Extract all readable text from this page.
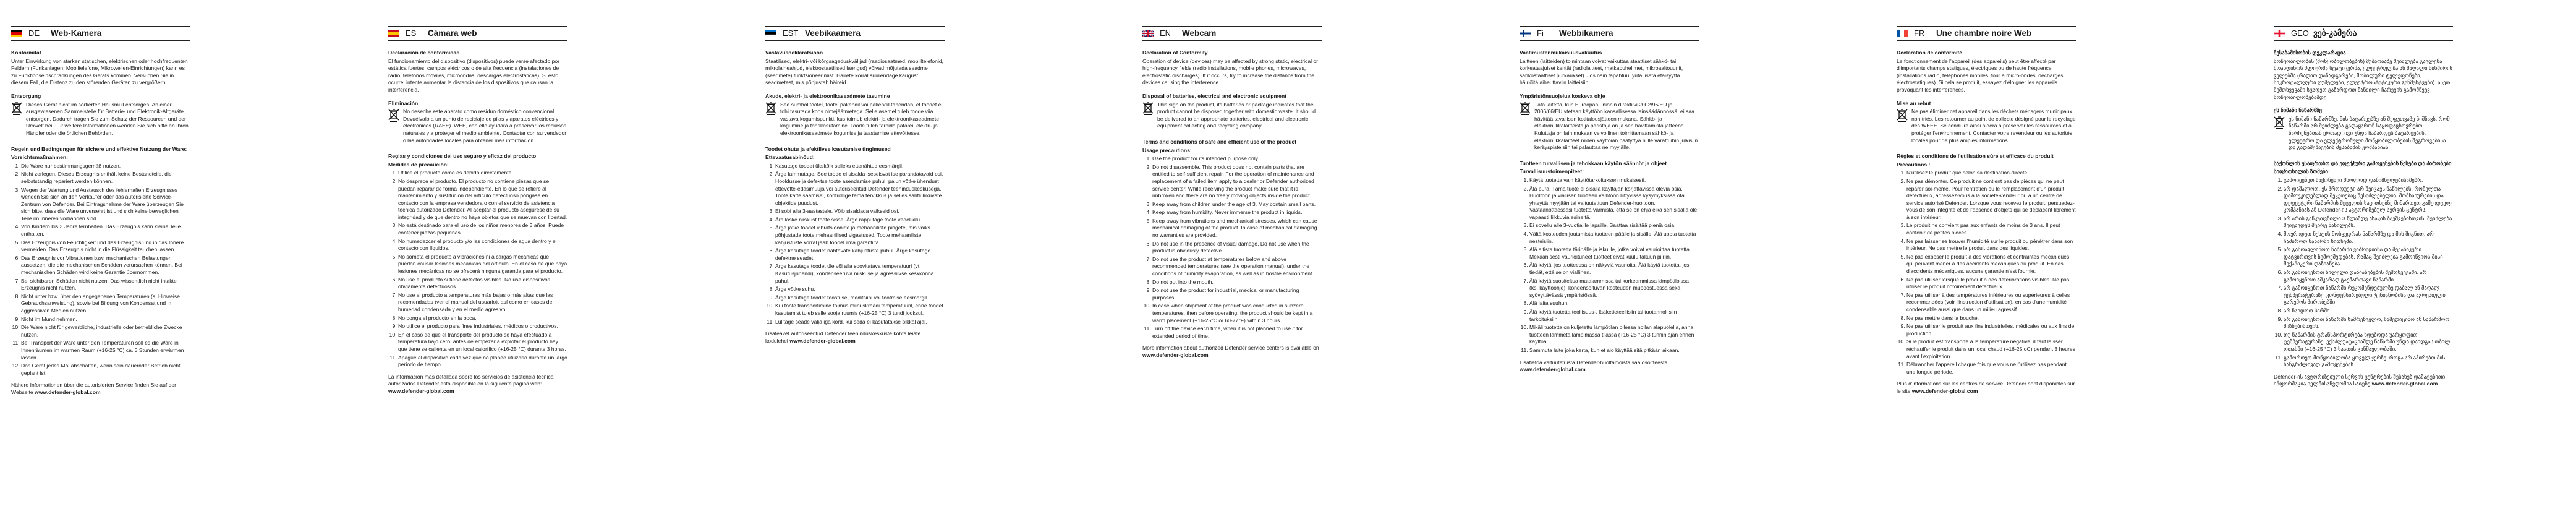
DE	Web-Kamera
Konformität

Unter Einwirkung von starken statischen, elektrischen oder hochfrequenten Feldern (Funkanlagen, Mobiltelefone, Mikrowellen-Einrichtungen) kann es zu Funktionseinschränkungen des Geräts kommen. Versuchen Sie in diesem Fall, die Distanz zu den störenden Geräten zu vergrößern.

Entsorgung

Dieses Gerät nicht im sortierten Hausmüll entsorgen. An einer ausgewiesenen Sammelstelle für Batterie- und Elektronik-Altgeräte entsorgen. Dadurch tragen Sie zum Schutz der Ressourcen und der Umwelt bei. Für weitere Informationen wenden Sie sich bitte an Ihren Händler oder die örtlichen Behörden.

Regeln und Bedingungen für sichere und effektive Nutzung der Ware:
Vorsichtsmaßnahmen:
1. Die Ware nur bestimmungsgemäß nutzen.
2. Nicht zerlegen. Dieses Erzeugnis enthält keine Bestandteile, die selbstständig repariert werden können.
3. Wegen der Wartung und Austausch des fehlerhaften Erzeugnisses wenden Sie sich an den Verkäufer oder das autorisierte Service-Zentrum von Defender. Bei Eintragsnahme der Ware überzeugen Sie sich bitte, dass die Ware unversehrt ist und sich keine beweglichen Teile im Inneren vorhanden sind.
4. Von Kindern bis 3 Jahre fernhalten. Das Erzeugnis kann kleine Teile enthalten.
5. Das Erzeugnis von Feuchtigkeit und das Erzeugnis und in das Innere vermeiden. Das Erzeugnis nicht in die Flüssigkeit tauchen lassen.
6. Das Erzeugnis vor Vibrationen bzw. mechanischen Belastungen aussetzen, die die mechanischen Schäden verursachen können. Bei mechanischen Schäden wird keine Garantie übernommen.
7. Bei sichtbaren Schäden nicht nutzen. Das wissentlich nicht intakte Erzeugnis nicht nutzen.
8. Nicht unter bzw. über den angegebenen Temperaturen (s. Hinweise Gebrauchsanweisung), sowie bei Bildung von Kondensat und in aggressiven Medien nutzen.
9. Nicht im Mund nehmen.
10. Die Ware nicht für gewerbliche, industrielle oder betriebliche Zwecke nutzen.
11. Bei Transport der Ware unter den Temperaturen soll es die Ware in Innenräumen im warmen Raum (+16-25 °C) ca. 3 Stunden erwärmen lassen.
12. Das Gerät jedes Mal abschalten, wenn sein dauernder Betrieb nicht geplant ist.

Nähere Informationen über die autorisierten Service finden Sie auf der Webseite www.defender-global.com

ES	Cámara web
Declaración de conformidad

El funcionamiento del dispositivo (dispositivos) puede verse afectado por estática fuertes, campos eléctricos o de alta frecuencia (instalaciones de radio, teléfonos móviles, microondas, descargas electrostáticas). Si esto ocurre, intente aumentar la distancia de los dispositivos que causan la interferencia.

Eliminación

No deseche este aparato como residuo doméstico convencional. Devuélvalo a un punto de reciclaje de pilas y aparatos eléctricos y electrónicos (RAEE). WEE, con ello ayudará a preservar los recursos naturales y a proteger el medio ambiente. Contactar con su vendedor o las autoridades locales para obtener más información.

Reglas y condiciones del uso seguro y eficaz del producto
Medidas de precaución:
1. Utilice el producto como es debido directamente.
2. No desprece el producto. El producto no contiene piezas que se puedan reparar de forma independiente. En lo que se refiere al mantenimiento y sustitución del artículo defectuoso póngase en contacto con la empresa vendedora o con el servicio de asistencia técnica autorizado Defender. Al aceptar el producto asegúrese de su integridad y de que dentro no haya objetos que se muevan con libertad.
3. No está destinado para el uso de los niños menores de 3 años. Puede contener piezas pequeñas.
4. No humedezcer el producto y/o las condiciones de agua dentro y el contacto con líquidos.
5. No someta el producto a vibraciones ni a cargas mecánicas que puedan causar lesiones mecánicas del artículo. En el caso de que haya lesiones mecánicas no se ofrecerá ninguna garantía para el producto.
6. No use el producto si tiene defectos visibles. No use dispositivos obviamente defectuosos.
7. No use el producto a temperaturas más bajas o más altas que las recomendadas (ver el manual del usuario), así como en casos de humedad condensada y en el medio agresivo.
8. No ponga el producto en la boca.
9. No utilice el producto para fines industriales, médicos o productivos.
10. En el caso de que el transporte del producto se haya efectuado a temperatura bajo cero, antes de empezar a explotar el producto hay que tiene se calienta en un local calorífico (+16-25 °C) durante 3 horas.
11. Apague el dispositivo cada vez que no planee utilizarlo durante un largo periodo de tiempo.

La información más detallada sobre los servicios de asistencia técnica autorizados Defender está disponible en la siguiente página web: www.defender-global.com

EST Veebikaamera
Vastavusdeklaratsioon

Staatilised, elektri- või kõrgsageduskvälijad (raadiosaatmed, mobiiltelefonid, mikrolaineahjud, elektrostaatilised laengud) võivad mõjutada seadme (seadmete) funktsioneerimist. Häirete korral suurendage kaugust seadmetest, mis põhjustab häireid.

Akude, elektri- ja elektroonikaseadmete tasumine

See sümbol tootel, tootel pakendil või pakendil tähendab, et toodet ei tohi tasutada koos olmejäätmetega. Selle asemel tuleb toode viia vastava kogumispunkti, kus toimub elektri- ja elektroonikaseadmete kogumine ja taaskasutamine. Toode tuleb tarnida patarei, elektri- ja elektroonikaseadmete kogumise ja taastamise ettevõttesse.

Toodet ohutu ja efektiivse kasutamise tingimused
Ettevaatusabinõud:
1. Kasutage toodet ükskõik selleks ettenähtud eesmärgil.
2. Ärge lammutage. See toode ei sisalda iseseisvat ise parandatavaid osi. Hooldusse ja defektse toote asendamise puhul, palun võtke ühendust ettevõtte-edasimüüja või autoriseeritud Defender teeninduskeskusega. Toote kätte saamisel, kontrollige tema tervikkus ja selles sahtli liikuvate objektide puudust.
3. Ei sobi alla 3-aastastele. Võib sisaldada väikseid osi.
4. Ära laske niiskust toote sisse. Ärge rapputage toote vedelikku.
5. Ärge jätke toodet vibratsioonide ja mehaaniliste pingete, mis võiks põhjustada toote mehaanilised vigastused. Toote mehaaniliste kahjustuste korral jääb toodel ilma garantiita.
6. Ärge kasutage toodet nähtavate kahjustuste puhul. Ärge kasutage defektne seadet.
7. Ärge kasutage toodet üle või alla soovitatava temperatuuri (vt. Kasutusjuhendi), kondenseeruva niiskuse ja agressiivse keskkonna puhul.
8. Ärge võtke suhu.
9. Ärge kasutage toodet tööstuse, meditsiini või tootmise eesmärgil.
10. Kui toote transportimine toimus miinuskraadi temperatuuril, enne toodet kasutamist tuleb selle sooja ruumis (+16-25 °C) 3 tundi jooksul.
11. Lülitage seade välja iga kord, kui seda ei kasutatakse pikkal ajal.

Lisateavet autoriseeritud Defender teeninduskeskuste kohta leiate kodulehel www.defender-global.com

EN	Webcam
Declaration of Conformity

Operation of device (devices) may be affected by strong static, electrical or high-frequency fields (radio installations, mobile phones, microwaves, electrostatic discharges). If it occurs, try to increase the distance from the devices causing the interference.

Disposal of batteries, electrical and electronic equipment

This sign on the product, its batteries or package indicates that the product cannot be disposed together with domestic waste. It should be delivered to an appropriate batteries, electrical and electronic equipment collecting and recycling company.

Terms and conditions of safe and efficient use of the product
Usage precautions:
1. Use the product for its intended purpose only.
2. Do not disassemble. This product does not contain parts that are entitled to self-sufficient repair. For the operation of maintenance and replacement of a failed item apply to a dealer or Defender authorized service center. While receiving the product make sure that it is unbroken and there are no freely moving objects inside the product.
3. Keep away from children under the age of 3. May contain small parts.
4. Keep away from humidity. Never immerse the product in liquids.
5. Keep away from vibrations and mechanical stresses, which can cause mechanical damaging of the product. In case of mechanical damaging no warranties are provided.
6. Do not use in the presence of visual damage. Do not use when the product is obviously defective.
7. Do not use the product at temperatures below and above recommended temperatures (see the operation manual), under the conditions of humidity evaporation, as well as in hostile environment.
8. Do not put into the mouth.
9. Do not use the product for industrial, medical or manufacturing purposes.
10. In case when shipment of the product was conducted in subzero temperatures, then before operating, the product should be kept in a warm placement (+16-25°C or 60-77°F) within 3 hours.
11. Turn off the device each time, when it is not planned to use it for extended period of time.

More information about authorized Defender service centers is available on www.defender-global.com

Fi	Webbikamera
Vaatimustenmukaisuusvakuutus

Laitteen (laitteiden) toimintaan voivat vaikuttaa staattiset sähkö- tai korkeataajuiset kentät (radiolaitteet, matkapuhelimet, mikroaaltouunit, sähköstaattiset purkaukset). Jos näin tapahtuu, yritä lisätä etäisyyttä häiriöitä aiheuttaviin laitteisiin.

Ympäristönsuojelua koskeva ohje

Tätä laitetta, kun Euroopan unionin direktiivi 2002/96/EU ja 2006/66/EU vtetaan käyttöön kansallisessa lainsäädännössä, ei saa hävittää tavallisen kotitalousjätteen mukana. Sähkö- ja elektroniikkalaitteista ja paristoja on ja sen hävittämistä jätteenä. Kuluttaja on lain mukaan velvollinen toimittamaan sähkö- ja elektroniikkalaitteet niiden käyttöiän päätyttyä niille varattuihin julkisiin keräyspisteisiin tai palauttaa ne myyjälle.

Tuotteen turvallisen ja tehokkaan käytön säännöt ja ohjeet
Turvallisuustoimenpiteet:
1. Käytä tuotetta vain käyttötarkoituksen mukaisesti.
2. Älä pura. Tämä tuote ei sisällä käyttäjän korjattavissa olevia osia. Huoltoon ja viallisen tuotteen vaihtoon liittyvissä kysymyksissä ota yhteyttä myyjään tai valtuutettuun Defender-huoltoon. Vastaanottaessasi tuotetta varmista, että se on ehjä eikä sen sisällä ole vapaasti liikkuvia esineitä.
3. Ei sovellu alle 3-vuotiaille lapsille. Saattaa sisältää pieniä osia.
4. Vältä kosteuden joutumista tuotteen päälle ja sisälle. Älä upota tuotetta nesteisiin.
5. Älä altista tuotetta tärinälle ja iskuille, jotka voivat vaurioittaa tuotetta. Mekaanisesti vaurioituneet tuotteet eivät kuulu takuun piiriin.
6. Älä käytä, jos tuotteessa on näkyviä vaurioita. Älä käytä tuotetta, jos tiedät, että se on viallinen.
7. Älä käytä suositeltua matalammissa tai korkeammissa lämpötiloissa (ks. käyttöohje), kondensoituvan kosteuden muodostuessa sekä syövyttävässä ympäristössä.
8. Älä laita suuhun.
9. Älä käytä tuotetta teollisuus-, lääketieteellisiin tai tuotannollisiin tarkoituksiin.
10. Mikäli tuotetta on kuljetettu lämpötilan ollessa nollan alapuolella, anna tuotteen lämmetä lämpimässä tilassa (+16-25 °C) 3 tunnin ajan ennen käyttöä.
11. Sammuta laite joka kerta, kun et aio käyttää sitä pitkään aikaan.

Lisätietoa valtuutetuista Defender-huoltamoista saa osoitteesta www.defender-global.com

FR	Une chambre noire Web
Déclaration de conformité

Le fonctionnement de l'appareil (des appareils) peut être affecté par d'importants champs statiques, électriques ou de haute fréquence (installations radio, téléphones mobiles, four à micro-ondes, décharges électrostatiques). Si cela se produit, essayez d'éloigner les appareils provoquant les interférences.

Mise au rebut

Ne pas éliminer cet appareil dans les déchets ménagers municipaux non triés. Les retourner au point de collecte désigné pour le recyclage des WEEE. Se conduire ainsi aidera à préserver les ressources et à protéger l'environnement. Contacter votre revendeur ou les autorités locales pour de plus amples informations.

Règles et conditions de l'utilisation sûre et efficace du produit
Précautions :
1. N'utilisez le produit que selon sa destination directe.
2. Ne pas démonter. Ce produit ne contient pas de pièces qui ne peut réparer soi-même. Pour l'entretien ou le remplacement d'un produit défectueux, adressez-vous à la société-vendeur ou à un centre de service autorisé Defender. Lorsque vous recevez le produit, persuadez-vous de son intégrité et de l'absence d'objets qui se déplacent librement à son intérieur.
3. Le produit ne convient pas aux enfants de moins de 3 ans. Il peut contenir de petites pièces.
4. Ne pas laisser se trouver l'humidité sur le produit ou pénétrer dans son intérieur. Ne pas mettre le produit dans des liquides.
5. Ne pas exposer le produit à des vibrations et contraintes mécaniques qui peuvent mener à des accidents mécaniques du produit. En cas d'accidents mécaniques, aucune garantie n'est fournie.
6. Ne pas utiliser lorsque le produit a des détériorations visibles. Ne pas utiliser le produit notoirement défectueux.
7. Ne pas utiliser à des températures inférieures ou supérieures à celles recommandées (voir l'instruction d'utilisation), en cas d'une humidité condensable aussi que dans un milieu agressif.
8. Ne pas mettre dans la bouche.
9. Ne pas utiliser le produit aux fins industrielles, médicales ou aux fins de production.
10. Si le produit est transporté à la température négative, il faut laisser réchauffer le produit dans un local chaud (+16-25 oC) pendant 3 heures avant l'exploitation.
11. Débrancher l'appareil chaque fois que vous ne l'utilisez pas pendant une longue période.

Plus d'informations sur les centres de service Defender sont disponibles sur le site www.defender-global.com

GEO ვებ-კამერა
შესაბამისობის დეკლარაცია

მოწყობილობის (მოწყობილობების) მუშაობაზე შეიძლება გავლენა მოახდინოს ძლიერმა სტატიკურმა, ელექტრულმა ან მაღალი სიხშირის ველებმა (რადიო დანადგარები, მობილური ტელეფონები, მიკროტალღური ღუმელები, ელექტროსტატიკური განმუხტვები). ასეთ შემთხვევაში სცადეთ გაზარდოთ მანძილი ჩარევის გამომწვევ მოწყობილობებამდე.

ეს ნიშანი ნაწარმზე

ეს ნიშანი ნაწარმზე, მის ბატარეებზე ან შეფუთვაზე ნიშნავს, რომ ნაწარმი არ შეიძლება გადაყარონ საყოფაცხოვრებო ნარჩენებთან ერთად. იგი უნდა ჩაბარდეს ბატარეების, ელექტრო და ელექტრონული მოწყობილობების შეგროვებისა და გადამუშავების შესაბამის კომპანიას.

საქონლის უსაფრთხო და ეფექტური გამოყენების წესები და პირობები
სიფრთხილის ზომები:
1. გამოიყენეთ საქონელი მხოლოდ დანიშნულებისამებრ.
2. არ დაშალოთ. ეს პროდუქტი არ შეიცავს ნაწილებს, რომელთა დამოუკიდებლად შეკეთებაც შესაძლებელია. მომსახურების და დეფექტური ნაწარმის შეცვლის საკითხებზე მიმართეთ გამყიდველ კომპანიას ან Defender-ის ავტორიზებულ სერვის ცენტრს.
3. არ არის განკუთვნილი 3 წლამდე ასაკის ბავშვებისთვის. შეიძლება შეიცავდეს მცირე ნაწილებს.
4. მოერიდეთ ნესტის მოხვედრას ნაწარმზე და მის შიგნით. არ ჩაძიროთ ნაწარმი სითხეში.
5. არ გამოავლინოთ ნაწარმი ვიბრაციისა და მექანიკური დატვირთვის ზემოქმედებას, რამაც შეიძლება გამოიწვიოს მისი მექანიკური დაზიანება.
6. არ გამოიყენოთ ხილული დაზიანებების შემთხვევაში. არ გამოიყენოთ აშკარად გაუმართავი ნაწარმი.
7. არ გამოიყენოთ ნაწარმი რეკომენდებულზე დაბალ ან მაღალ ტემპერატურაზე, კონდენსირებული ტენიანობისა და აგრესიული გარემოს პირობებში.
8. არ ჩაიდოთ პირში.
9. არ გამოიყენოთ ნაწარმი სამრეწველო, სამედიცინო ან საწარმოო მიზნებისთვის.
10. თუ ნაწარმის ტრანსპორტირება ხდებოდა უარყოფით ტემპერატურაზე, ექსპლუატაციამდე ნაწარმი უნდა დაიდგას თბილ ოთახში (+16-25 °C) 3 საათის განმავლობაში.
11. გამორთეთ მოწყობილობა ყოველ ჯერზე, როცა არ აპირებთ მის ხანგრძლივად გამოყენებას.

Defender-ის ავტორიზებული სერვის ცენტრების შესახებ დამატებითი ინფორმაცია ხელმისაწვდომია საიტზე www.defender-global.com
